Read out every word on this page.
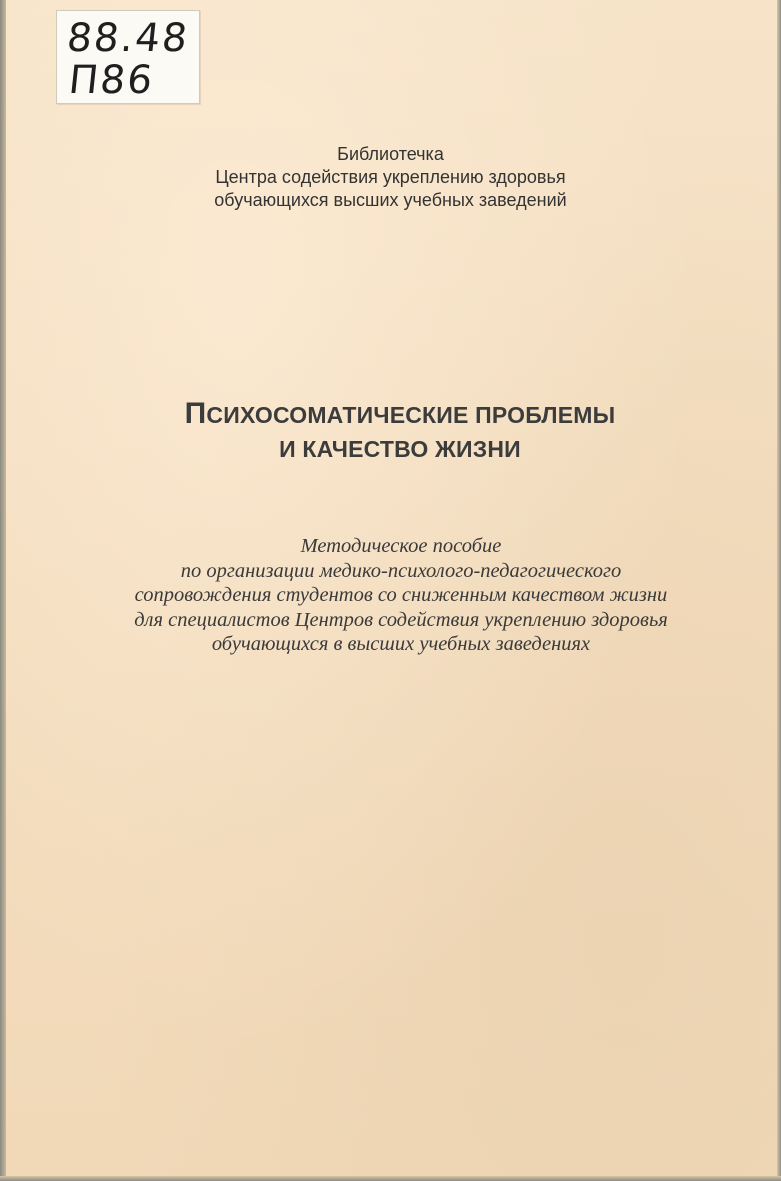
88.48
П86
Библиотечка
Центра содействия укреплению здоровья
обучающихся высших учебных заведений
ПСИХОСОМАТИЧЕСКИЕ ПРОБЛЕМЫ
И КАЧЕСТВО ЖИЗНИ
Методическое пособие
по организации медико-психолого-педагогического
сопровождения студентов со сниженным качеством жизни
для специалистов Центров содействия укреплению здоровья
обучающихся в высших учебных заведениях
